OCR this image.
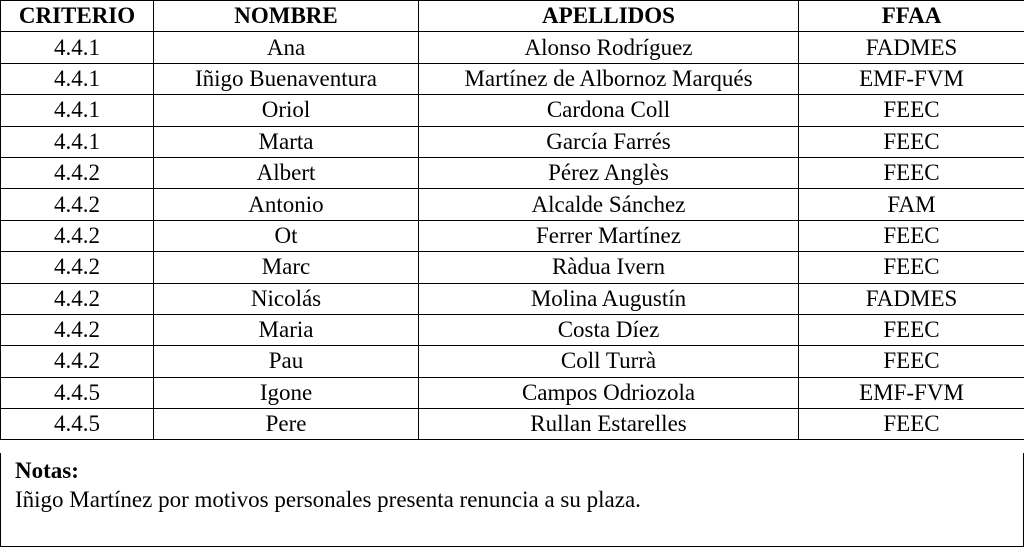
CRITERIO	NOMBRE	APELLIDOS	FFAA
4.4.1	Ana	Alonso Rodríguez	FADMES
4.4.1	Iñigo Buenaventura	Martínez de Albornoz Marqués	EMF-FVM
4.4.1	Oriol	Cardona Coll	FEEC
4.4.1	Marta	García Farrés	FEEC
4.4.2	Albert	Pérez Anglès	FEEC
4.4.2	Antonio	Alcalde Sánchez	FAM
4.4.2	Ot	Ferrer Martínez	FEEC
4.4.2	Marc	Ràdua Ivern	FEEC
4.4.2	Nicolás	Molina Augustín	FADMES
4.4.2	Maria	Costa Díez	FEEC
4.4.2	Pau	Coll Turrà	FEEC
4.4.5	Igone	Campos Odriozola	EMF-FVM
4.4.5	Pere	Rullan Estarelles	FEEC
Notas:
Iñigo Martínez por motivos personales presenta renuncia a su plaza.
